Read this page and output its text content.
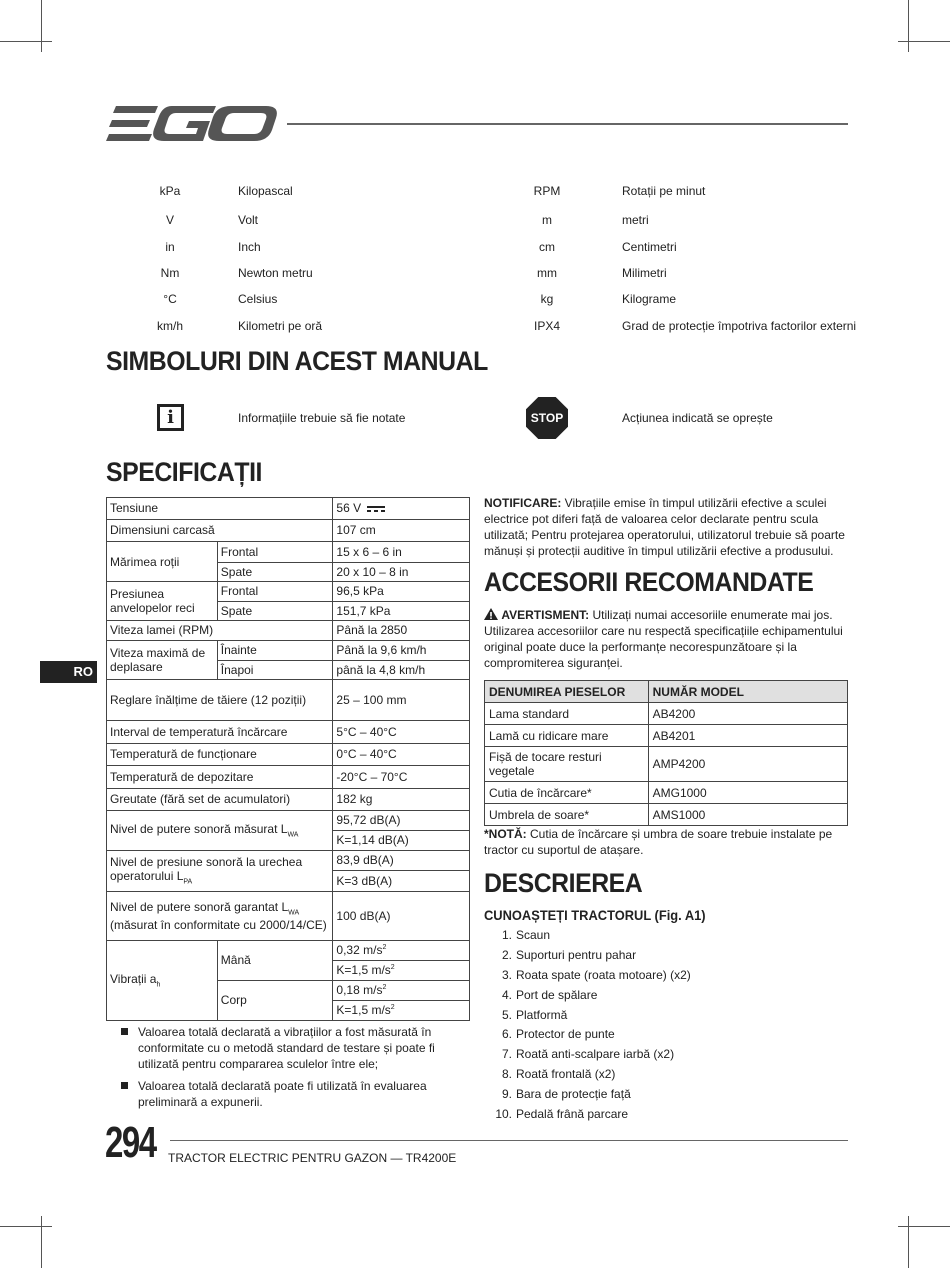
kPa	Kilopascal
V	Volt
in	Inch
Nm	Newton metru
°C	Celsius
km/h	Kilometri pe oră
RPM	Rotații pe minut
m	metri
cm	Centimetri
mm	Milimetri
kg	Kilograme
IPX4	Grad de protecție împotriva factorilor externi
SIMBOLURI DIN ACEST MANUAL
i	Informațiile trebuie să fie notate	STOP	Acțiunea indicată se oprește
SPECIFICAȚII
Tensiune		56 V
Dimensiuni carcasă		107 cm
Mărimea roții	Frontal	15 x 6 – 6 in
	Spate	20 x 10 – 8 in
Presiunea anvelopelor reci	Frontal	96,5 kPa
	Spate	151,7 kPa
Viteza lamei (RPM)		Până la 2850
Viteza maximă de deplasare	Înainte	Până la 9,6 km/h
	Înapoi	până la 4,8 km/h
Reglare înălțime de tăiere (12 poziții)		25 – 100 mm
Interval de temperatură încărcare		5°C – 40°C
Temperatură de funcționare		0°C – 40°C
Temperatură de depozitare		-20°C – 70°C
Greutate (fără set de acumulatori)		182 kg
Nivel de putere sonoră măsurat $L_{WA}$		95,72 dB(A)
		K=1,14 dB(A)
Nivel de presiune sonoră la urechea operatorului $L_{PA}$		83,9 dB(A)
		K=3 dB(A)
Nivel de putere sonoră garantat $L_{WA}$
(măsurat în conformitate cu 2000/14/CE)		100 dB(A)
Vibrații $a_h$	Mână	0,32 $m/s^2$
		K=1,5 $m/s^2$
	Corp	0,18 $m/s^2$
		K=1,5 $m/s^2$
Valoarea totală declarată a vibrațiilor a fost măsurată în conformitate cu o metodă standard de testare și poate fi utilizată pentru compararea sculelor între ele;
Valoarea totală declarată poate fi utilizată în evaluarea preliminară a expunerii.
NOTIFICARE: Vibrațiile emise în timpul utilizării efective a sculei electrice pot diferi față de valoarea celor declarate pentru scula utilizată; Pentru protejarea operatorului, utilizatorul trebuie să poarte mănuși și protecții auditive în timpul utilizării efective a produsului.
ACCESORII RECOMANDATE
AVERTISMENT: Utilizați numai accesoriile enumerate mai jos. Utilizarea accesoriilor care nu respectă specificațiile echipamentului original poate duce la performanțe necorespunzătoare și la compromiterea siguranței.
DENUMIREA PIESELOR	NUMĂR MODEL
Lama standard	AB4200
Lamă cu ridicare mare	AB4201
Fișă de tocare resturi vegetale	AMP4200
Cutia de încărcare*	AMG1000
Umbrela de soare*	AMS1000
*NOTĂ: Cutia de încărcare și umbra de soare trebuie instalate pe tractor cu suportul de atașare.
DESCRIEREA
CUNOAȘTEȚI TRACTORUL (Fig. A1)
1. Scaun
2. Suporturi pentru pahar
3. Roata spate (roata motoare) (x2)
4. Port de spălare
5. Platformă
6. Protector de punte
7. Roată anti-scalpare iarbă (x2)
8. Roată frontală (x2)
9. Bara de protecție față
10. Pedală frână parcare
RO
294 TRACTOR ELECTRIC PENTRU GAZON — TR4200E
